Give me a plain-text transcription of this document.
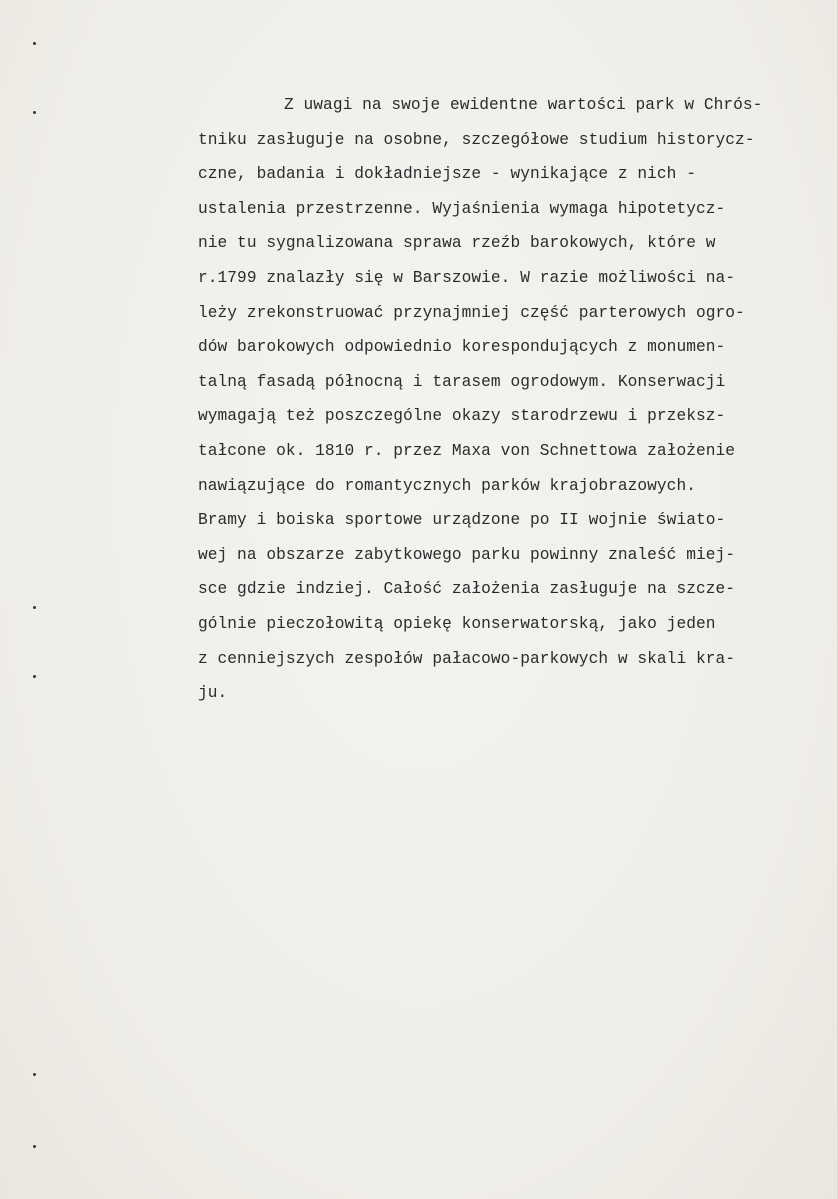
Z uwagi na swoje ewidentne wartości park w Chrós-
tniku zasługuje na osobne, szczegółowe studium historycz-
czne, badania i dokładniejsze - wynikające z nich -
ustalenia przestrzenne. Wyjaśnienia wymaga hipotetycz-
nie tu sygnalizowana sprawa rzeźb barokowych, które w
r.1799 znalazły się w Barszowie. W razie możliwości na-
leży zrekonstruować przynajmniej część parterowych ogro-
dów barokowych odpowiednio korespondujących z monumen-
talną fasadą północną i tarasem ogrodowym. Konserwacji
wymagają też poszczególne okazy starodrzewu i przeksz-
tałcone ok. 1810 r. przez Maxa von Schnettowa założenie
nawiązujące do romantycznych parków krajobrazowych.
Bramy i boiska sportowe urządzone po II wojnie świato-
wej na obszarze zabytkowego parku powinny znaleść miej-
sce gdzie indziej. Całość założenia zasługuje na szcze-
gólnie pieczołowitą opiekę konserwatorską, jako jeden
z cenniejszych zespołów pałacowo-parkowych w skali kra-
ju.
